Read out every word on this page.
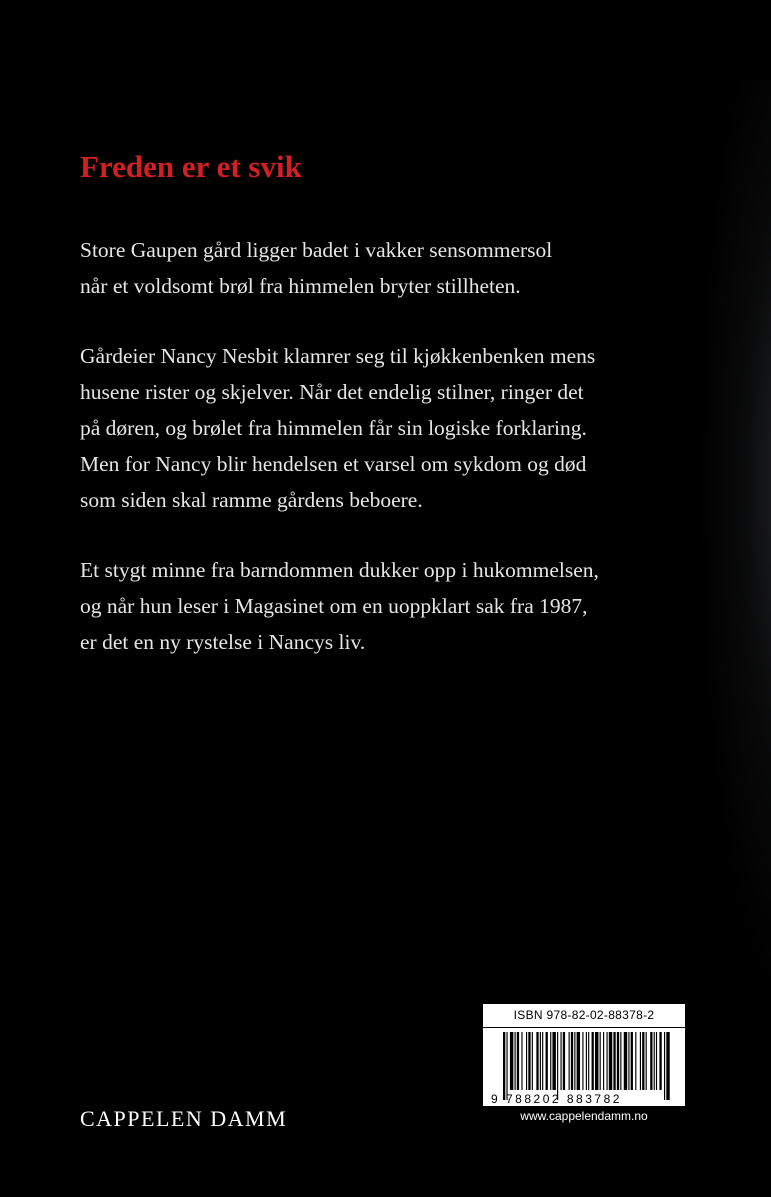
Freden er et svik

Store Gaupen gård ligger badet i vakker sensommersol
når et voldsomt brøl fra himmelen bryter stillheten.

Gårdeier Nancy Nesbit klamrer seg til kjøkkenbenken mens
husene rister og skjelver. Når det endelig stilner, ringer det
på døren, og brølet fra himmelen får sin logiske forklaring.
Men for Nancy blir hendelsen et varsel om sykdom og død
som siden skal ramme gårdens beboere.

Et stygt minne fra barndommen dukker opp i hukommelsen,
og når hun leser i Magasinet om en uoppklart sak fra 1987,
er det en ny rystelse i Nancys liv.

CAPPELEN DAMM
ISBN 978-82-02-88378-2
9 788202 883782
www.cappelendamm.no
